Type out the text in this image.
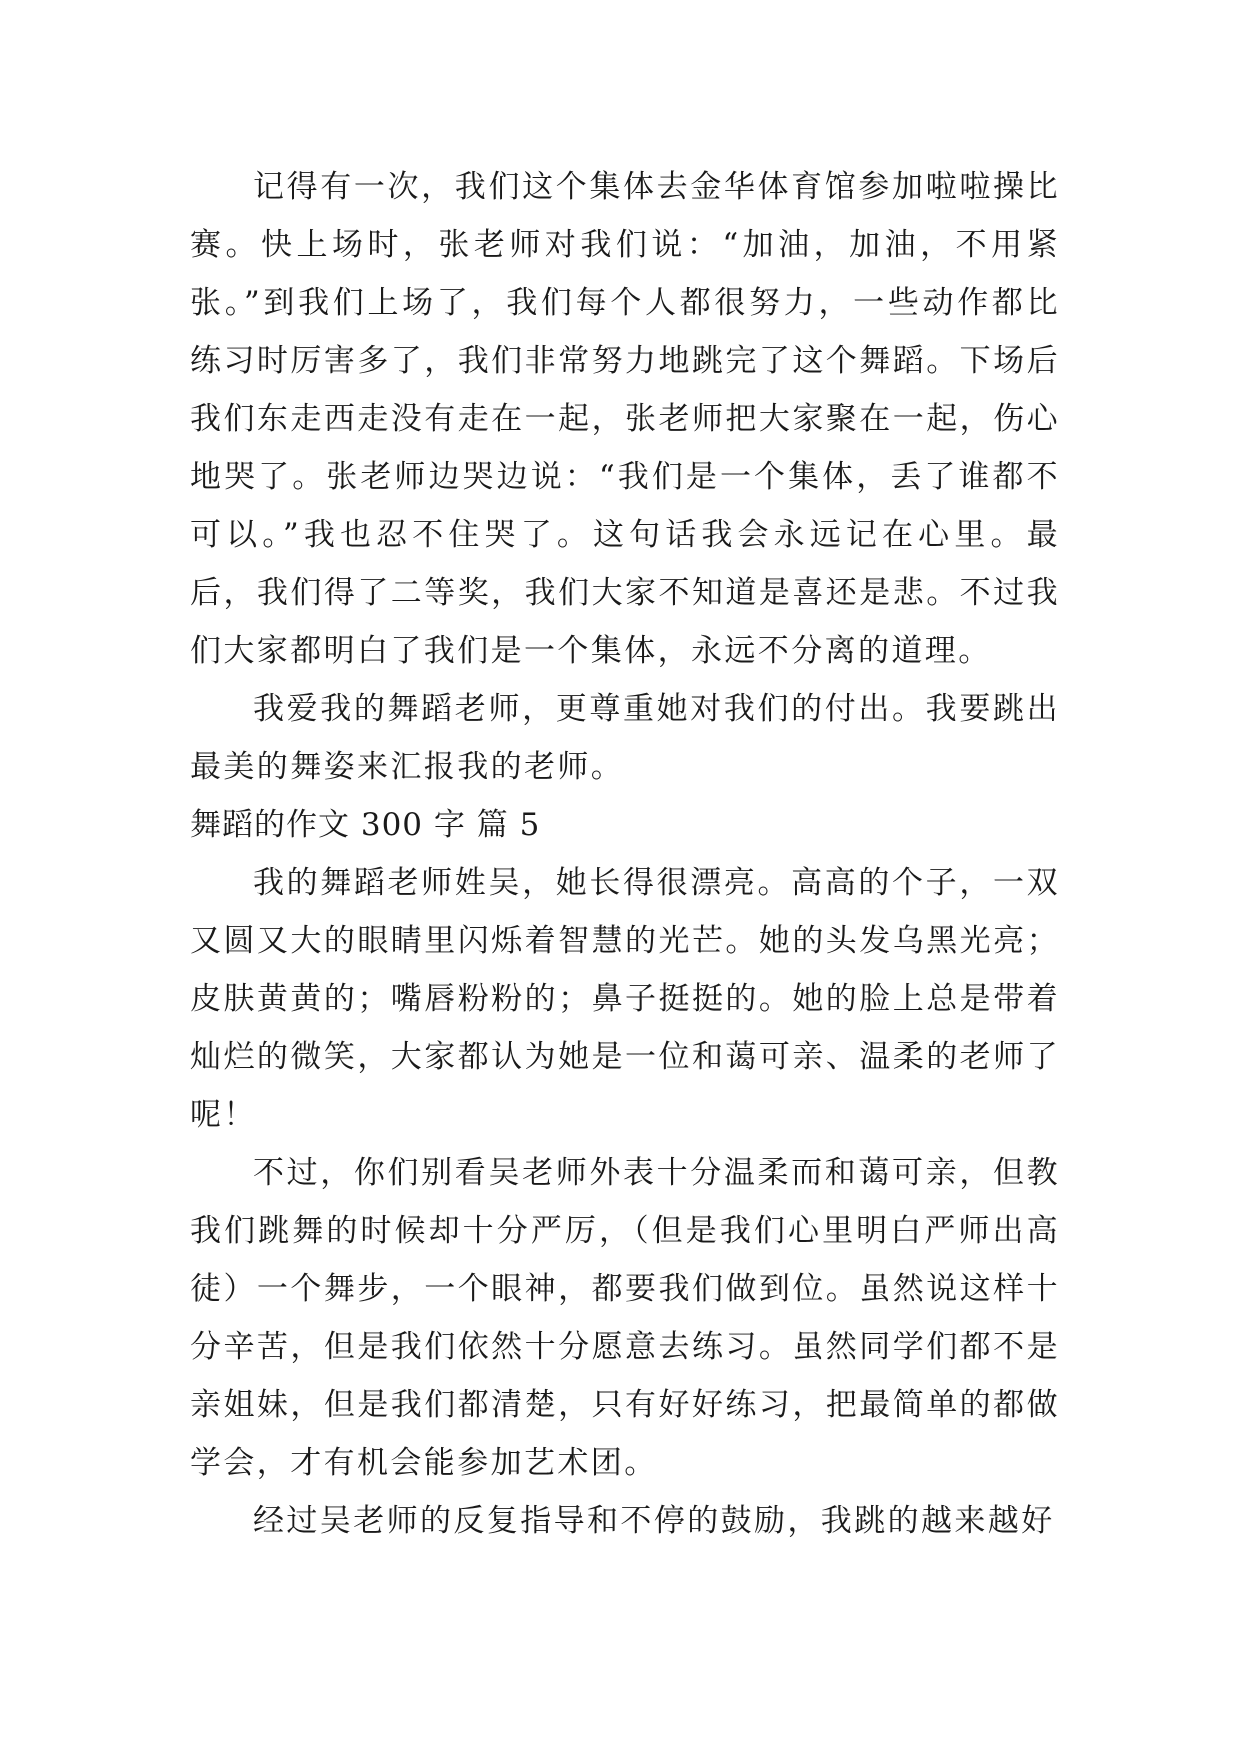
记得有一次，我们这个集体去金华体育馆参加啦啦操比赛。快上场时，张老师对我们说：“加油，加油，不用紧张。”到我们上场了，我们每个人都很努力，一些动作都比练习时厉害多了，我们非常努力地跳完了这个舞蹈。下场后我们东走西走没有走在一起，张老师把大家聚在一起，伤心地哭了。张老师边哭边说：“我们是一个集体，丢了谁都不可以。”我也忍不住哭了。这句话我会永远记在心里。最后，我们得了二等奖，我们大家不知道是喜还是悲。不过我们大家都明白了我们是一个集体，永远不分离的道理。

我爱我的舞蹈老师，更尊重她对我们的付出。我要跳出最美的舞姿来汇报我的老师。

舞蹈的作文 300 字 篇 5

我的舞蹈老师姓吴，她长得很漂亮。高高的个子，一双又圆又大的眼睛里闪烁着智慧的光芒。她的头发乌黑光亮；皮肤黄黄的；嘴唇粉粉的；鼻子挺挺的。她的脸上总是带着灿烂的微笑，大家都认为她是一位和蔼可亲、温柔的老师了呢！

不过，你们别看吴老师外表十分温柔而和蔼可亲，但教我们跳舞的时候却十分严厉，（但是我们心里明白严师出高徒）一个舞步，一个眼神，都要我们做到位。虽然说这样十分辛苦，但是我们依然十分愿意去练习。虽然同学们都不是亲姐妹，但是我们都清楚，只有好好练习，把最简单的都做学会，才有机会能参加艺术团。

经过吴老师的反复指导和不停的鼓励，我跳的越来越好
